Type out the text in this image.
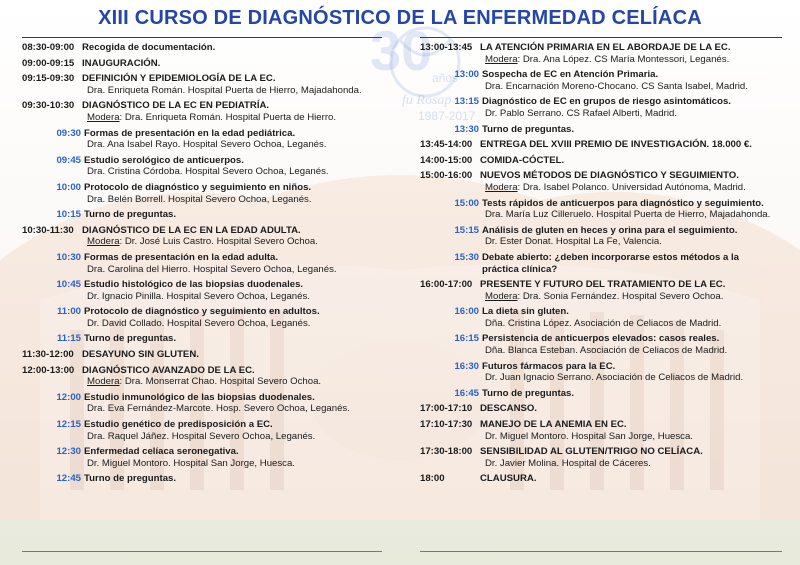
30 años
fu Rosap
1987-2017
XIII CURSO DE DIAGNÓSTICO DE LA ENFERMEDAD CELÍACA
08:30-09:00 Recogida de documentación.
09:00-09:15 INAUGURACIÓN.
09:15-09:30 DEFINICIÓN Y EPIDEMIOLOGÍA DE LA EC.
Dra. Enriqueta Román. Hospital Puerta de Hierro, Majadahonda.
09:30-10:30 DIAGNÓSTICO DE LA EC EN PEDIATRÍA.
Modera: Dra. Enriqueta Román. Hospital Puerta de Hierro.
09:30 Formas de presentación en la edad pediátrica.
Dra. Ana Isabel Rayo. Hospital Severo Ochoa, Leganés.
09:45 Estudio serológico de anticuerpos.
Dra. Cristina Córdoba. Hospital Severo Ochoa, Leganés.
10:00 Protocolo de diagnóstico y seguimiento en niños.
Dra. Belén Borrell. Hospital Severo Ochoa, Leganés.
10:15 Turno de preguntas.
10:30-11:30 DIAGNÓSTICO DE LA EC EN LA EDAD ADULTA.
Modera: Dr. José Luis Castro. Hospital Severo Ochoa.
10:30 Formas de presentación en la edad adulta.
Dra. Carolina del Hierro. Hospital Severo Ochoa, Leganés.
10:45 Estudio histológico de las biopsias duodenales.
Dr. Ignacio Pinilla. Hospital Severo Ochoa, Leganés.
11:00 Protocolo de diagnóstico y seguimiento en adultos.
Dr. David Collado. Hospital Severo Ochoa, Leganés.
11:15 Turno de preguntas.
11:30-12:00 DESAYUNO SIN GLUTEN.
12:00-13:00 DIAGNÓSTICO AVANZADO DE LA EC.
Modera: Dra. Monserrat Chao. Hospital Severo Ochoa.
12:00 Estudio inmunológico de las biopsias duodenales.
Dra. Eva Fernández-Marcote. Hosp. Severo Ochoa, Leganés.
12:15 Estudio genético de predisposición a EC.
Dra. Raquel Jáñez. Hospital Severo Ochoa, Leganés.
12:30 Enfermedad celíaca seronegativa.
Dr. Miguel Montoro. Hospital San Jorge, Huesca.
12:45 Turno de preguntas.
13:00-13:45 LA ATENCIÓN PRIMARIA EN EL ABORDAJE DE LA EC.
Modera: Dra. Ana López. CS María Montessori, Leganés.
13:00 Sospecha de EC en Atención Primaria.
Dra. Encarnación Moreno-Chocano. CS Santa Isabel, Madrid.
13:15 Diagnóstico de EC en grupos de riesgo asintomáticos.
Dr. Pablo Serrano. CS Rafael Alberti, Madrid.
13:30 Turno de preguntas.
13:45-14:00 ENTREGA DEL XVIII PREMIO DE INVESTIGACIÓN. 18.000 €.
14:00-15:00 COMIDA-CÓCTEL.
15:00-16:00 NUEVOS MÉTODOS DE DIAGNÓSTICO Y SEGUIMIENTO.
Modera: Dra. Isabel Polanco. Universidad Autónoma, Madrid.
15:00 Tests rápidos de anticuerpos para diagnóstico y seguimiento.
Dra. María Luz Cilleruelo. Hospital Puerta de Hierro, Majadahonda.
15:15 Análisis de gluten en heces y orina para el seguimiento.
Dr. Ester Donat. Hospital La Fe, Valencia.
15:30 Debate abierto: ¿deben incorporarse estos métodos a la
práctica clínica?
16:00-17:00 PRESENTE Y FUTURO DEL TRATAMIENTO DE LA EC.
Modera: Dra. Sonia Fernández. Hospital Severo Ochoa.
16:00 La dieta sin gluten.
Dña. Cristina López. Asociación de Celiacos de Madrid.
16:15 Persistencia de anticuerpos elevados: casos reales.
Dña. Blanca Esteban. Asociación de Celiacos de Madrid.
16:30 Futuros fármacos para la EC.
Dr. Juan Ignacio Serrano. Asociación de Celiacos de Madrid.
16:45 Turno de preguntas.
17:00-17:10 DESCANSO.
17:10-17:30 MANEJO DE LA ANEMIA EN EC.
Dr. Miguel Montoro. Hospital San Jorge, Huesca.
17:30-18:00 SENSIBILIDAD AL GLUTEN/TRIGO NO CELÍACA.
Dr. Javier Molina. Hospital de Cáceres.
18:00	CLAUSURA.
